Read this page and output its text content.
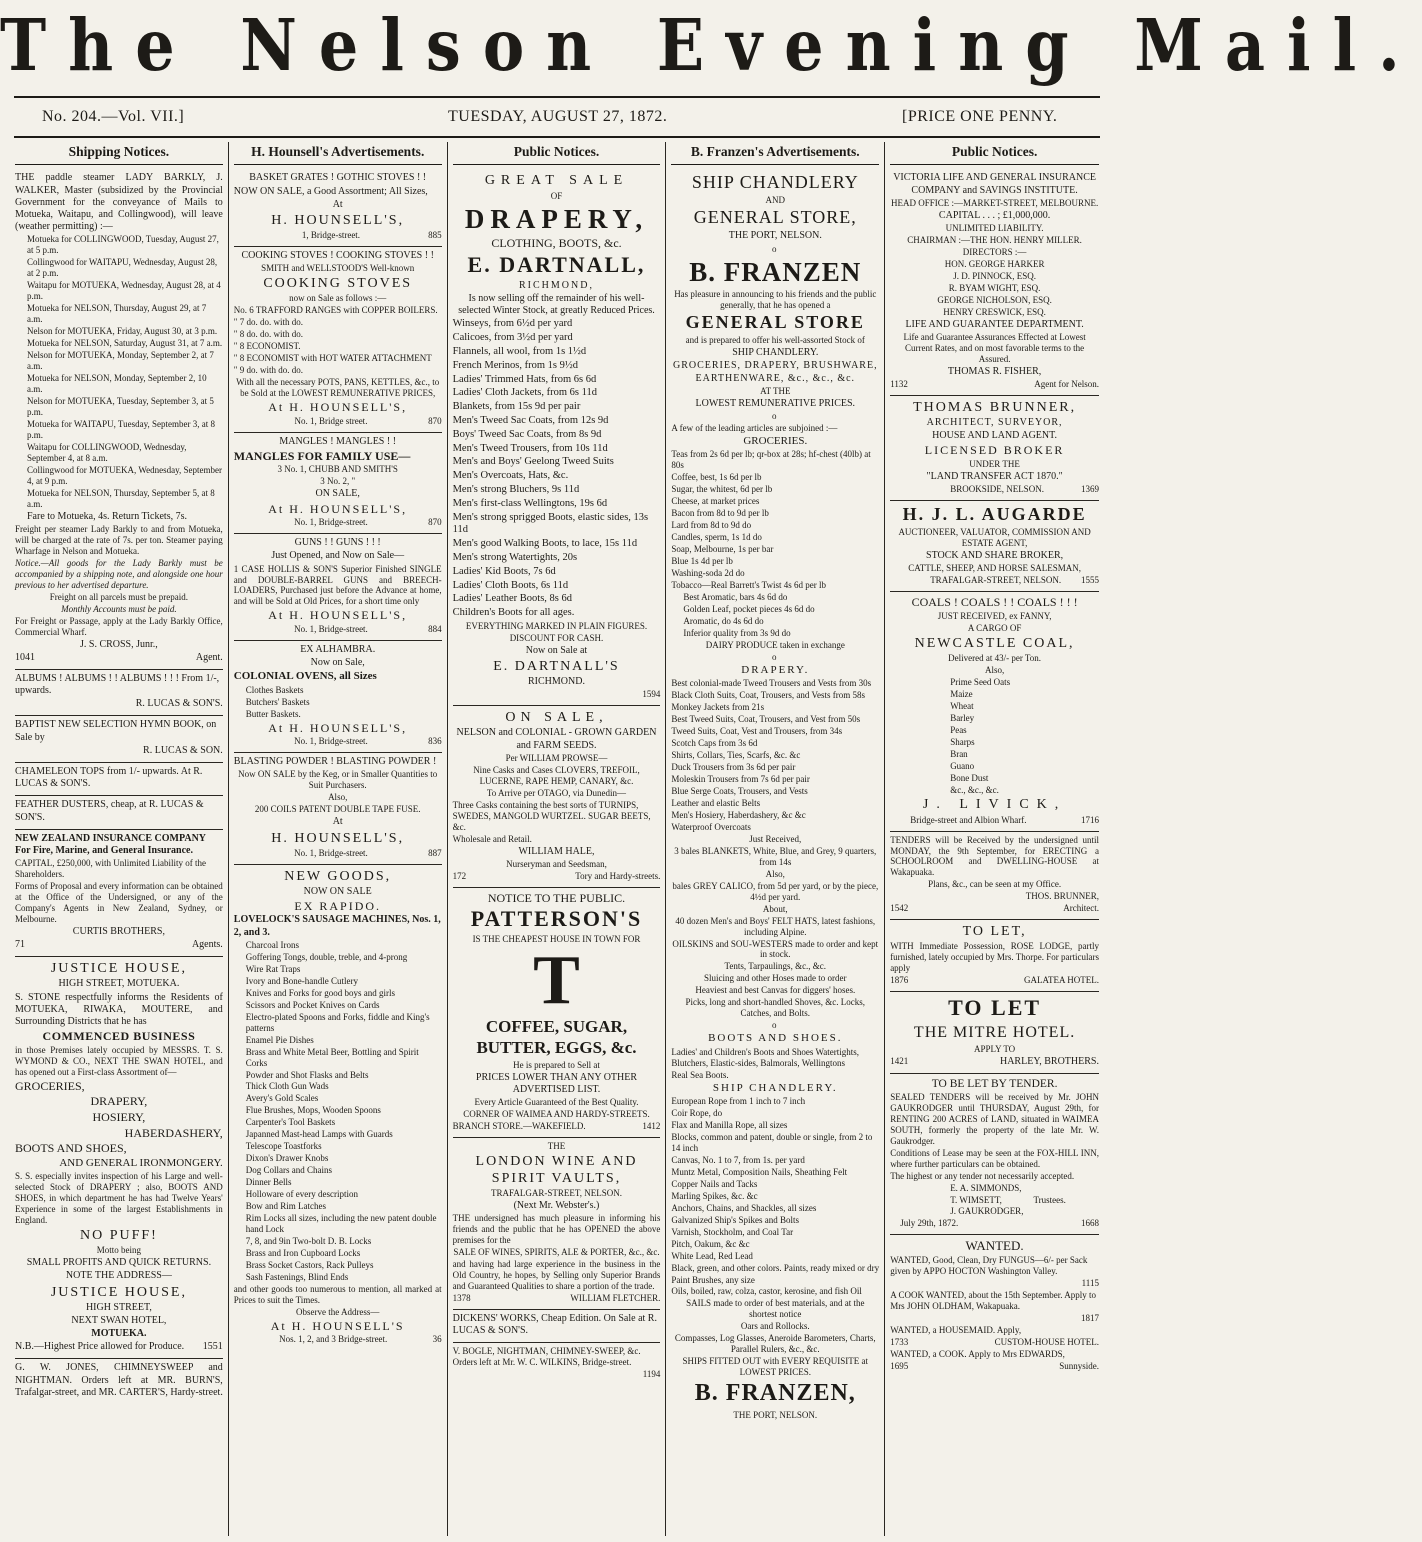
The Nelson Evening Mail.
No. 204.—Vol. VII.]	TUESDAY, AUGUST 27, 1872.	[PRICE ONE PENNY.
Shipping Notices.

THE paddle steamer LADY BARKLY, J. WALKER, Master (subsidized by the Provincial Government for the conveyance of Mails to Motueka, Waitapu, and Collingwood), will leave (weather permitting) :—

Motueka for COLLINGWOOD, Tuesday, August 27, at 5 p.m.

Collingwood for WAITAPU, Wednesday, August 28, at 2 p.m.

Waitapu for MOTUEKA, Wednesday, August 28, at 4 p.m.

Motueka for NELSON, Thursday, August 29, at 7 a.m.

Nelson for MOTUEKA, Friday, August 30, at 3 p.m.

Motueka for NELSON, Saturday, August 31, at 7 a.m.

Nelson for MOTUEKA, Monday, September 2, at 7 a.m.

Motueka for NELSON, Monday, September 2, 10 a.m.

Nelson for MOTUEKA, Tuesday, September 3, at 5 p.m.

Motueka for WAITAPU, Tuesday, September 3, at 8 p.m.

Waitapu for COLLINGWOOD, Wednesday, September 4, at 8 a.m.

Collingwood for MOTUEKA, Wednesday, September 4, at 9 p.m.

Motueka for NELSON, Thursday, September 5, at 8 a.m.

Fare to Motueka, 4s. Return Tickets, 7s.

Freight per steamer Lady Barkly to and from Motueka, will be charged at the rate of 7s. per ton. Steamer paying Wharfage in Nelson and Motueka.

Notice.—All goods for the Lady Barkly must be accompanied by a shipping note, and alongside one hour previous to her advertised departure.

Freight on all parcels must be prepaid.

Monthly Accounts must be paid.

For Freight or Passage, apply at the Lady Barkly Office, Commercial Wharf.

J. S. CROSS, Junr.,

1041	Agent.

ALBUMS ! ALBUMS ! ! ALBUMS ! ! ! From 1/-, upwards.

R. LUCAS & SON'S.

BAPTIST NEW SELECTION HYMN BOOK, on Sale by

R. LUCAS & SON.

CHAMELEON TOPS from 1/- upwards. At R. LUCAS & SON'S.

FEATHER DUSTERS, cheap, at R. LUCAS & SON'S.

NEW ZEALAND INSURANCE COMPANY For Fire, Marine, and General Insurance.

CAPITAL, £250,000, with Unlimited Liability of the Shareholders.

Forms of Proposal and every information can be obtained at the Office of the Undersigned, or any of the Company's Agents in New Zealand, Sydney, or Melbourne.

CURTIS BROTHERS,

71	Agents.

JUSTICE HOUSE,

HIGH STREET, MOTUEKA.

S. STONE respectfully informs the Residents of MOTUEKA, RIWAKA, MOUTERE, and Surrounding Districts that he has

COMMENCED BUSINESS

in those Premises lately occupied by MESSRS. T. S. WYMOND & CO., NEXT THE SWAN HOTEL, and has opened out a First-class Assortment of—

GROCERIES,

DRAPERY,

HOSIERY,

HABERDASHERY,

BOOTS AND SHOES,

AND GENERAL IRONMONGERY.

S. S. especially invites inspection of his Large and well-selected Stock of DRAPERY ; also, BOOTS AND SHOES, in which department he has had Twelve Years' Experience in some of the largest Establishments in England.

NO PUFF!

Motto being

SMALL PROFITS AND QUICK RETURNS.

NOTE THE ADDRESS—

JUSTICE HOUSE,

HIGH STREET,

NEXT SWAN HOTEL,

MOTUEKA.

N.B.—Highest Price allowed for Produce. 1551

G. W. JONES, CHIMNEYSWEEP and NIGHTMAN. Orders left at MR. BURN'S, Trafalgar-street, and MR. CARTER'S, Hardy-street.

H. Hounsell's Advertisements.

BASKET GRATES ! GOTHIC STOVES ! !

NOW ON SALE, a Good Assortment; All Sizes,

At

H. HOUNSELL'S,

1, Bridge-street.	885

COOKING STOVES ! COOKING STOVES ! !

SMITH and WELLSTOOD'S Well-known

COOKING STOVES

now on Sale as follows :—

No. 6 TRAFFORD RANGES with COPPER BOILERS.

" 7 do. do. with do.

" 8 do. do. with do.

" 8 ECONOMIST.

" 8 ECONOMIST with HOT WATER ATTACHMENT

" 9 do. with do. do.

With all the necessary POTS, PANS, KETTLES, &c., to be Sold at the LOWEST REMUNERATIVE PRICES,

At H. HOUNSELL'S,

No. 1, Bridge street.	870

MANGLES ! MANGLES ! !

MANGLES FOR FAMILY USE—

3 No. 1, CHUBB AND SMITH'S

3 No. 2, "

ON SALE,

At H. HOUNSELL'S,

No. 1, Bridge-street.	870

GUNS ! ! GUNS ! ! !

Just Opened, and Now on Sale—

1 CASE HOLLIS & SON'S Superior Finished SINGLE and DOUBLE-BARREL GUNS and BREECH-LOADERS, Purchased just before the Advance at home, and will be Sold at Old Prices, for a short time only

At H. HOUNSELL'S,

No. 1, Bridge-street.	884

EX ALHAMBRA.

Now on Sale,

COLONIAL OVENS, all Sizes

Clothes Baskets

Butchers' Baskets

Butter Baskets.

At H. HOUNSELL'S,

No. 1, Bridge-street.	836

BLASTING POWDER ! BLASTING POWDER !

Now ON SALE by the Keg, or in Smaller Quantities to Suit Purchasers.

Also,

200 COILS PATENT DOUBLE TAPE FUSE.

At

H. HOUNSELL'S,

No. 1, Bridge-street.	887

NEW GOODS,

NOW ON SALE

EX RAPIDO.

LOVELOCK'S SAUSAGE MACHINES, Nos. 1, 2, and 3.

Charcoal Irons

Goffering Tongs, double, treble, and 4-prong

Wire Rat Traps

Ivory and Bone-handle Cutlery

Knives and Forks for good boys and girls

Scissors and Pocket Knives on Cards

Electro-plated Spoons and Forks, fiddle and King's patterns

Enamel Pie Dishes

Brass and White Metal Beer, Bottling and Spirit Corks

Powder and Shot Flasks and Belts

Thick Cloth Gun Wads

Avery's Gold Scales

Flue Brushes, Mops, Wooden Spoons

Carpenter's Tool Baskets

Japanned Mast-head Lamps with Guards

Telescope Toastforks

Dixon's Drawer Knobs

Dog Collars and Chains

Dinner Bells

Holloware of every description

Bow and Rim Latches

Rim Locks all sizes, including the new patent double hand Lock

7, 8, and 9in Two-bolt D. B. Locks

Brass and Iron Cupboard Locks

Brass Socket Castors, Rack Pulleys

Sash Fastenings, Blind Ends

and other goods too numerous to mention, all marked at Prices to suit the Times.

Observe the Address—

At H. HOUNSELL'S

Nos. 1, 2, and 3 Bridge-street.	36

Public Notices.

GREAT SALE

OF

DRAPERY,

CLOTHING, BOOTS, &c.

E. DARTNALL,

RICHMOND,

Is now selling off the remainder of his well-selected Winter Stock, at greatly Reduced Prices.

Winseys, from 6½d per yard

Calicoes, from 3½d per yard

Flannels, all wool, from 1s 1½d

French Merinos, from 1s 9½d

Ladies' Trimmed Hats, from 6s 6d

Ladies' Cloth Jackets, from 6s 11d

Blankets, from 15s 9d per pair

Men's Tweed Sac Coats, from 12s 9d

Boys' Tweed Sac Coats, from 8s 9d

Men's Tweed Trousers, from 10s 11d

Men's and Boys' Geelong Tweed Suits

Men's Overcoats, Hats, &c.

Men's strong Bluchers, 9s 11d

Men's first-class Wellingtons, 19s 6d

Men's strong sprigged Boots, elastic sides, 13s 11d

Men's good Walking Boots, to lace, 15s 11d

Men's strong Watertights, 20s

Ladies' Kid Boots, 7s 6d

Ladies' Cloth Boots, 6s 11d

Ladies' Leather Boots, 8s 6d

Children's Boots for all ages.

EVERYTHING MARKED IN PLAIN FIGURES.

DISCOUNT FOR CASH.

Now on Sale at

E. DARTNALL'S

RICHMOND.

1594

ON SALE,

NELSON and COLONIAL - GROWN GARDEN and FARM SEEDS.

Per WILLIAM PROWSE—

Nine Casks and Cases CLOVERS, TREFOIL, LUCERNE, RAPE HEMP, CANARY, &c.

To Arrive per OTAGO, via Dunedin—

Three Casks containing the best sorts of TURNIPS, SWEDES, MANGOLD WURTZEL. SUGAR BEETS, &c.

Wholesale and Retail.

WILLIAM HALE,

Nurseryman and Seedsman,

172	Tory and Hardy-streets.

NOTICE TO THE PUBLIC.

PATTERSON'S

IS THE CHEAPEST HOUSE IN TOWN FOR

T

COFFEE, SUGAR, BUTTER, EGGS, &c.

He is prepared to Sell at

PRICES LOWER THAN ANY OTHER ADVERTISED LIST.

Every Article Guaranteed of the Best Quality.

CORNER OF WAIMEA AND HARDY-STREETS.

BRANCH STORE.—WAKEFIELD.	1412

THE

LONDON WINE AND SPIRIT VAULTS,

TRAFALGAR-STREET, NELSON.

(Next Mr. Webster's.)

THE undersigned has much pleasure in informing his friends and the public that he has OPENED the above premises for the

SALE OF WINES, SPIRITS, ALE & PORTER, &c., &c.

and having had large experience in the business in the Old Country, he hopes, by Selling only Superior Brands and Guaranteed Qualities to share a portion of the trade.

1378	WILLIAM FLETCHER.

DICKENS' WORKS, Cheap Edition. On Sale at R. LUCAS & SON'S.

V. BOGLE, NIGHTMAN, CHIMNEY-SWEEP, &c. Orders left at Mr. W. C. WILKINS, Bridge-street.

1194

B. Franzen's Advertisements.

SHIP CHANDLERY

AND

GENERAL STORE,

THE PORT, NELSON.

o

B. FRANZEN

Has pleasure in announcing to his friends and the public generally, that he has opened a

GENERAL STORE

and is prepared to offer his well-assorted Stock of

SHIP CHANDLERY.

GROCERIES, DRAPERY, BRUSHWARE, EARTHENWARE, &c., &c., &c.

AT THE

LOWEST REMUNERATIVE PRICES.

o

A few of the leading articles are subjoined :—

GROCERIES.

Teas from 2s 6d per lb; qr-box at 28s; hf-chest (40lb) at 80s

Coffee, best, 1s 6d per lb

Sugar, the whitest, 6d per lb

Cheese, at market prices

Bacon from 8d to 9d per lb

Lard from 8d to 9d do

Candles, sperm, 1s 1d do

Soap, Melbourne, 1s per bar

Blue 1s 4d per lb

Washing-soda 2d do

Tobacco—Real Barrett's Twist 4s 6d per lb

Best Aromatic, bars 4s 6d do

Golden Leaf, pocket pieces 4s 6d do

Aromatic, do 4s 6d do

Inferior quality from 3s 9d do

DAIRY PRODUCE taken in exchange

o

DRAPERY.

Best colonial-made Tweed Trousers and Vests from 30s

Black Cloth Suits, Coat, Trousers, and Vests from 58s

Monkey Jackets from 21s

Best Tweed Suits, Coat, Trousers, and Vest from 50s

Tweed Suits, Coat, Vest and Trousers, from 34s

Scotch Caps from 3s 6d

Shirts, Collars, Ties, Scarfs, &c. &c

Duck Trousers from 3s 6d per pair

Moleskin Trousers from 7s 6d per pair

Blue Serge Coats, Trousers, and Vests

Leather and elastic Belts

Men's Hosiery, Haberdashery, &c &c

Waterproof Overcoats

Just Received,

3 bales BLANKETS, White, Blue, and Grey, 9 quarters, from 14s

Also,

bales GREY CALICO, from 5d per yard, or by the piece, 4½d per yard.

About,

40 dozen Men's and Boys' FELT HATS, latest fashions, including Alpine.

OILSKINS and SOU-WESTERS made to order and kept in stock.

Tents, Tarpaulings, &c., &c.

Sluicing and other Hoses made to order

Heaviest and best Canvas for diggers' hoses.

Picks, long and short-handled Shoves, &c. Locks, Catches, and Bolts.

o

BOOTS AND SHOES.

Ladies' and Children's Boots and Shoes Watertights, Blutchers, Elastic-sides, Balmorals, Wellingtons

Real Sea Boots.

SHIP CHANDLERY.

European Rope from 1 inch to 7 inch

Coir Rope, do

Flax and Manilla Rope, all sizes

Blocks, common and patent, double or single, from 2 to 14 inch

Canvas, No. 1 to 7, from 1s. per yard

Muntz Metal, Composition Nails, Sheathing Felt

Copper Nails and Tacks

Marling Spikes, &c. &c

Anchors, Chains, and Shackles, all sizes

Galvanized Ship's Spikes and Bolts

Varnish, Stockholm, and Coal Tar

Pitch, Oakum, &c &c

White Lead, Red Lead

Black, green, and other colors. Paints, ready mixed or dry

Paint Brushes, any size

Oils, boiled, raw, colza, castor, kerosine, and fish Oil

SAILS made to order of best materials, and at the shortest notice

Oars and Rollocks.

Compasses, Log Glasses, Aneroide Barometers, Charts, Parallel Rulers, &c., &c.

SHIPS FITTED OUT with EVERY REQUISITE at LOWEST PRICES.

B. FRANZEN,

THE PORT, NELSON.

Public Notices.

VICTORIA LIFE AND GENERAL INSURANCE COMPANY and SAVINGS INSTITUTE.

HEAD OFFICE :—MARKET-STREET, MELBOURNE.

CAPITAL . . . ; £1,000,000.

UNLIMITED LIABILITY.

CHAIRMAN :—THE HON. HENRY MILLER.

DIRECTORS :—

HON. GEORGE HARKER

J. D. PINNOCK, ESQ.

R. BYAM WIGHT, ESQ.

GEORGE NICHOLSON, ESQ.

HENRY CRESWICK, ESQ.

LIFE AND GUARANTEE DEPARTMENT.

Life and Guarantee Assurances Effected at Lowest Current Rates, and on most favorable terms to the Assured.

THOMAS R. FISHER,

1132	Agent for Nelson.

THOMAS BRUNNER,

ARCHITECT, SURVEYOR,

HOUSE AND LAND AGENT.

LICENSED BROKER

UNDER THE

"LAND TRANSFER ACT 1870."

BROOKSIDE, NELSON.	1369

H. J. L. AUGARDE

AUCTIONEER, VALUATOR, COMMISSION AND ESTATE AGENT,

STOCK AND SHARE BROKER,

CATTLE, SHEEP, AND HORSE SALESMAN,

TRAFALGAR-STREET, NELSON. 1555

COALS ! COALS ! ! COALS ! ! !

JUST RECEIVED, ex FANNY,

A CARGO OF

NEWCASTLE COAL,

Delivered at 43/- per Ton.

Also,

Prime Seed Oats

Maize

Wheat

Barley

Peas

Sharps

Bran

Guano

Bone Dust

&c., &c., &c.

J. LIVICK,

Bridge-street and Albion Wharf.	1716

TENDERS will be Received by the undersigned until MONDAY, the 9th September, for ERECTING a SCHOOLROOM and DWELLING-HOUSE at Wakapuaka.

Plans, &c., can be seen at my Office.

THOS. BRUNNER,

1542	Architect.

TO LET,

WITH Immediate Possession, ROSE LODGE, partly furnished, lately occupied by Mrs. Thorpe. For particulars apply

1876	GALATEA HOTEL.

TO LET

THE MITRE HOTEL.

APPLY TO

1421	HARLEY, BROTHERS.

TO BE LET BY TENDER.

SEALED TENDERS will be received by Mr. JOHN GAUKRODGER until THURSDAY, August 29th, for RENTING 200 ACRES of LAND, situated in WAIMEA SOUTH, formerly the property of the late Mr. W. Gaukrodger.

Conditions of Lease may be seen at the FOX-HILL INN, where further particulars can be obtained.

The highest or any tender not necessarily accepted.

E. A. SIMMONDS,

T. WIMSETT,

J. GAUKRODGER,

Trustees.

July 29th, 1872.	1668

WANTED.

WANTED, Good, Clean, Dry FUNGUS—6/- per Sack given by APPO HOCTON Washington Valley.

1115

A COOK WANTED, about the 15th September. Apply to Mrs JOHN OLDHAM, Wakapuaka.

1817

WANTED, a HOUSEMAID. Apply,

1733	CUSTOM-HOUSE HOTEL.

WANTED, a COOK. Apply to Mrs EDWARDS,

1695	Sunnyside.
